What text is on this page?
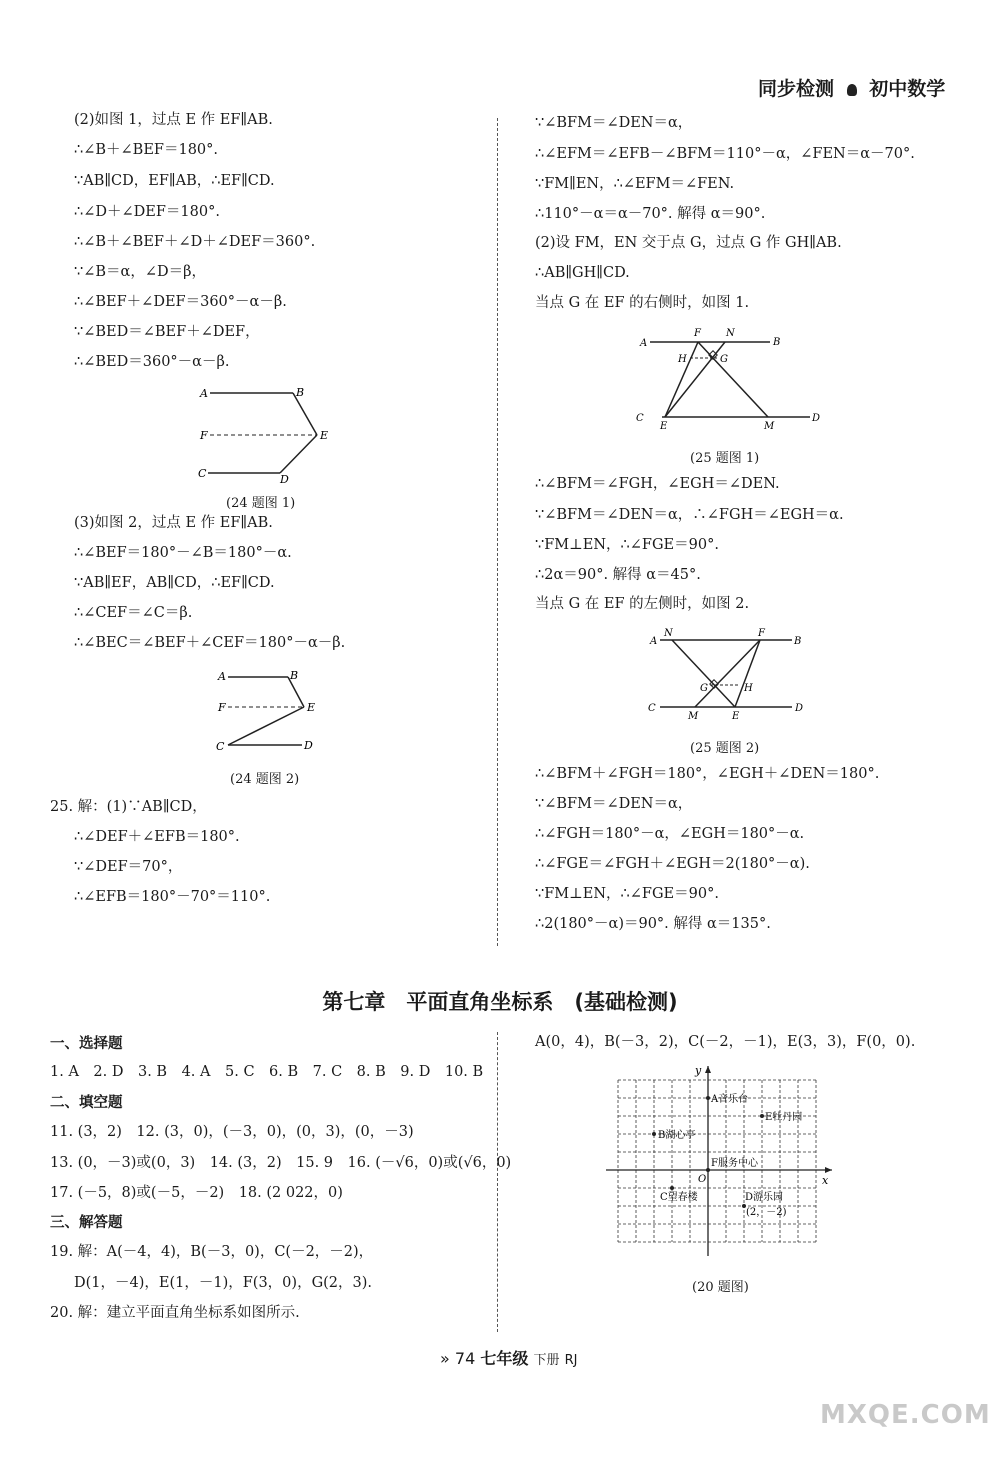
同步检测 初中数学
(2)如图 1，过点 E 作 EF∥AB.
∴∠B＋∠BEF＝180°.
∵AB∥CD，EF∥AB，∴EF∥CD.
∴∠D＋∠DEF＝180°.
∴∠B＋∠BEF＋∠D＋∠DEF＝360°.
∵∠B＝α，∠D＝β，
∴∠BEF＋∠DEF＝360°－α－β.
∵∠BED＝∠BEF＋∠DEF，
∴∠BED＝360°－α－β.
A	B
F	E
C	D
(24 题图 1)
(3)如图 2，过点 E 作 EF∥AB.
∴∠BEF＝180°－∠B＝180°－α.
∵AB∥EF，AB∥CD，∴EF∥CD.
∴∠CEF＝∠C＝β.
∴∠BEC＝∠BEF＋∠CEF＝180°－α－β.
A	B
F	E
C	D
(24 题图 2)
25. 解：(1)∵AB∥CD，
∴∠DEF＋∠EFB＝180°.
∵∠DEF＝70°，
∴∠EFB＝180°－70°＝110°.
∵∠BFM＝∠DEN＝α，
∴∠EFM＝∠EFB－∠BFM＝110°－α，∠FEN＝α－70°.
∵FM∥EN，∴∠EFM＝∠FEN.
∴110°－α＝α－70°. 解得 α＝90°.
(2)设 FM，EN 交于点 G，过点 G 作 GH∥AB.
∴AB∥GH∥CD.
当点 G 在 EF 的右侧时，如图 1.
A
F	N
B
H	G
C
E	M
D
(25 题图 1)
∴∠BFM＝∠FGH，∠EGH＝∠DEN.
∵∠BFM＝∠DEN＝α，∴∠FGH＝∠EGH＝α.
∵FM⊥EN，∴∠FGE＝90°.
∴2α＝90°. 解得 α＝45°.
当点 G 在 EF 的左侧时，如图 2.
A
N	F
B
G	H
C
M	E
D
(25 题图 2)
∴∠BFM＋∠FGH＝180°，∠EGH＋∠DEN＝180°.
∵∠BFM＝∠DEN＝α，
∴∠FGH＝180°－α，∠EGH＝180°－α.
∴∠FGE＝∠FGH＋∠EGH＝2(180°－α).
∵FM⊥EN，∴∠FGE＝90°.
∴2(180°－α)＝90°. 解得 α＝135°.
第七章　平面直角坐标系　(基础检测)
一、选择题
1. A　2. D　3. B　4. A　5. C　6. B　7. C　8. B　9. D　10. B
二、填空题
11. (3，2)　12. (3，0)，(－3，0)，(0，3)，(0，－3)
13. (0，－3)或(0，3)　14. (3，2)　15. 9　16. (－√6，0)或(√6，0)
17. (－5，8)或(－5，－2)　18. (2 022，0)
三、解答题
19. 解：A(－4，4)，B(－3，0)，C(－2，－2)，
D(1，－4)，E(1，－1)，F(3，0)，G(2，3).
20. 解：建立平面直角坐标系如图所示.
A(0，4)，B(－3，2)，C(－2，－1)，E(3，3)，F(0，0).
y
x
O
A音乐台
E牡丹园
B湖心亭
F服务中心
C望春楼	D游乐园
(2，－2)
(20 题图)
» 74 七年级 下册 RJ
MXQE.COM
